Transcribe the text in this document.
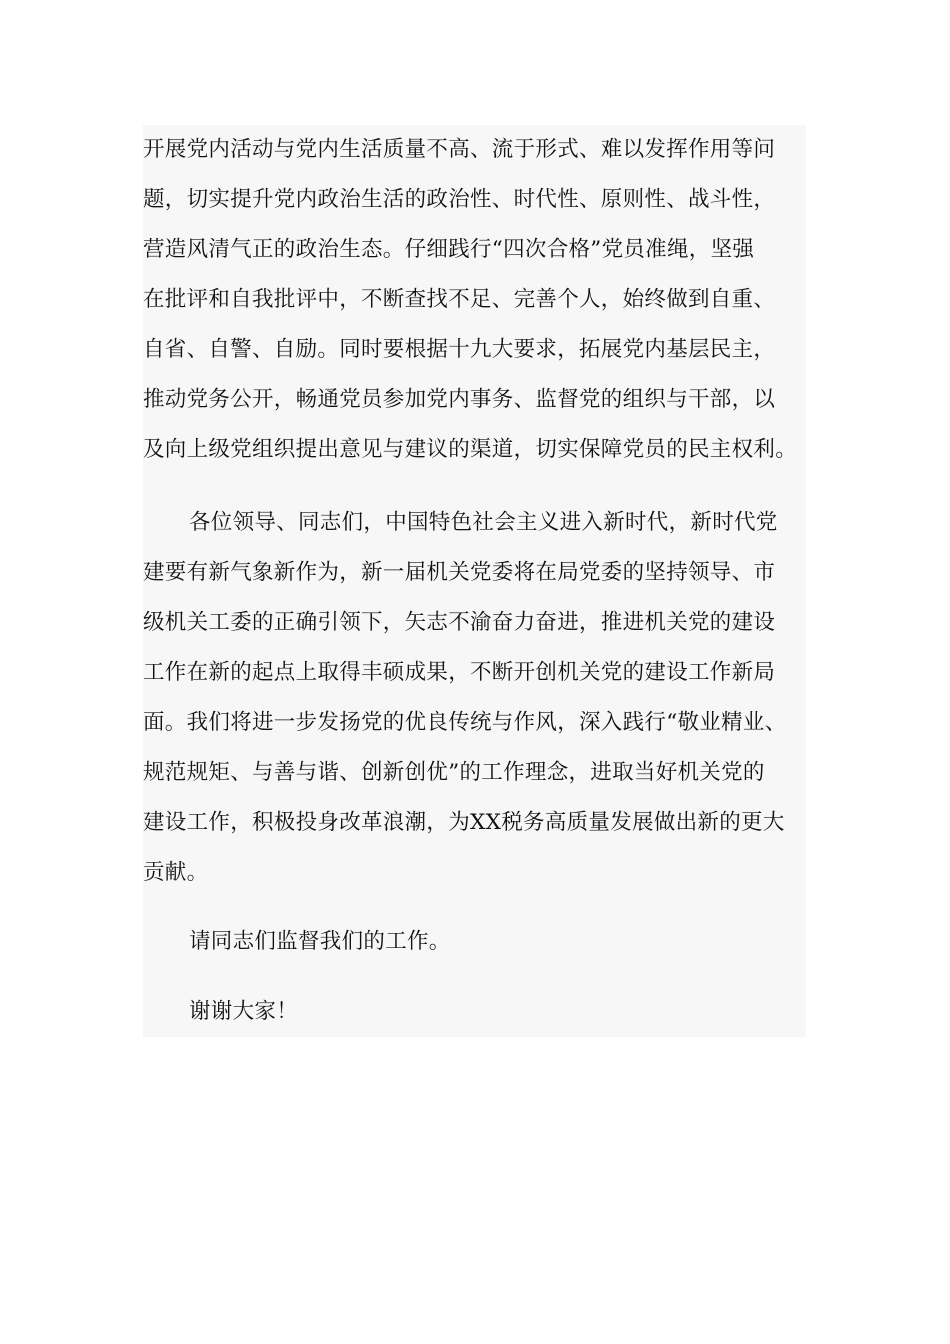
开展党内活动与党内生活质量不高、流于形式、难以发挥作用等问
题，切实提升党内政治生活的政治性、时代性、原则性、战斗性，
营造风清气正的政治生态。仔细践行“四次合格”党员准绳，坚强
在批评和自我批评中，不断查找不足、完善个人，始终做到自重、
自省、自警、自励。同时要根据十九大要求，拓展党内基层民主，
推动党务公开，畅通党员参加党内事务、监督党的组织与干部，以
及向上级党组织提出意见与建议的渠道，切实保障党员的民主权利。
各位领导、同志们，中国特色社会主义进入新时代，新时代党
建要有新气象新作为，新一届机关党委将在局党委的坚持领导、市
级机关工委的正确引领下，矢志不渝奋力奋进，推进机关党的建设
工作在新的起点上取得丰硕成果，不断开创机关党的建设工作新局
面。我们将进一步发扬党的优良传统与作风，深入践行“敬业精业、
规范规矩、与善与谐、创新创优”的工作理念，进取当好机关党的
建设工作，积极投身改革浪潮，为XX税务高质量发展做出新的更大
贡献。
请同志们监督我们的工作。
谢谢大家！
